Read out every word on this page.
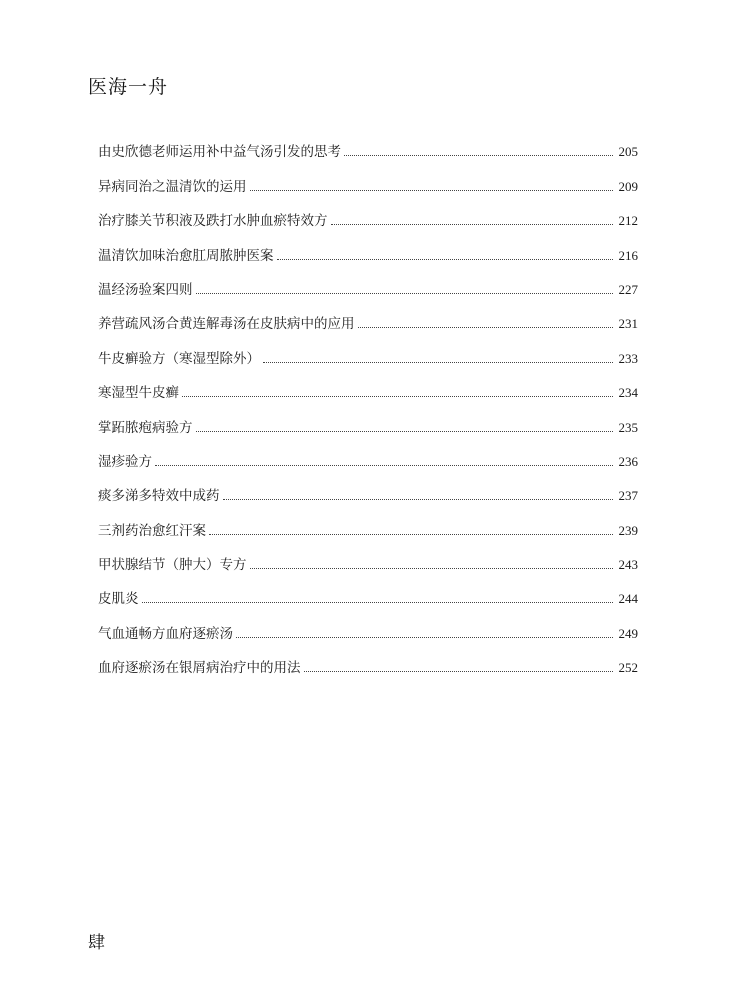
医海一舟
由史欣德老师运用补中益气汤引发的思考	205
异病同治之温清饮的运用	209
治疗膝关节积液及跌打水肿血瘀特效方	212
温清饮加味治愈肛周脓肿医案	216
温经汤验案四则	227
养营疏风汤合黄连解毒汤在皮肤病中的应用	231
牛皮癣验方（寒湿型除外）	233
寒湿型牛皮癣	234
掌跖脓疱病验方	235
湿疹验方	236
痰多涕多特效中成药	237
三剂药治愈红汗案	239
甲状腺结节（肿大）专方	243
皮肌炎	244
气血通畅方血府逐瘀汤	249
血府逐瘀汤在银屑病治疗中的用法	252
肆
